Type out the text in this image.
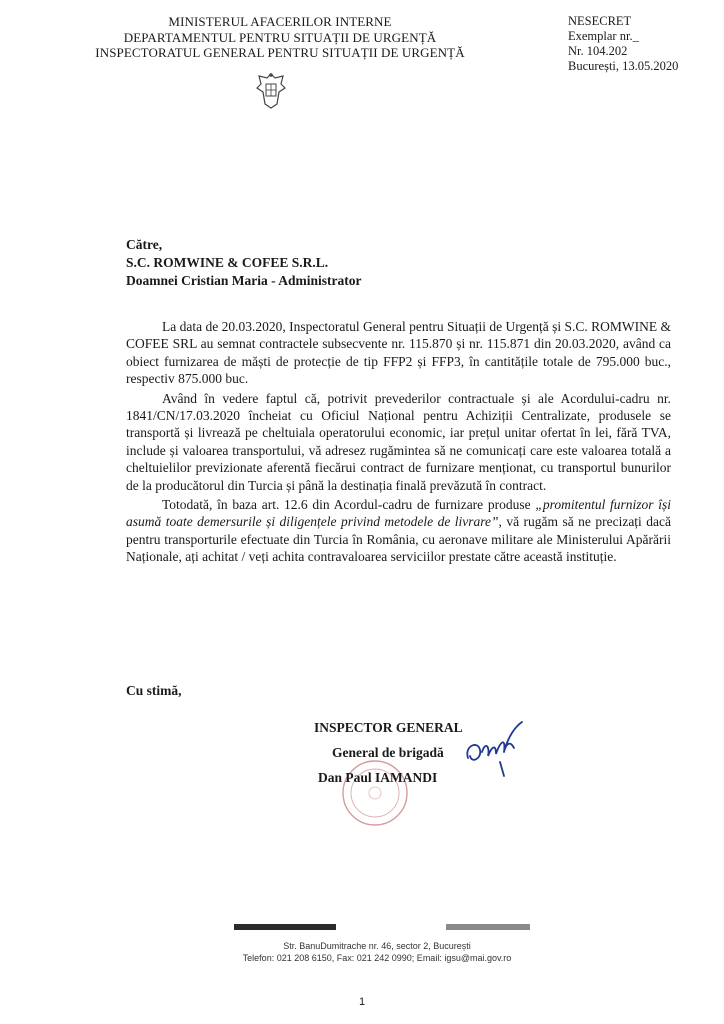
MINISTERUL AFACERILOR INTERNE
DEPARTAMENTUL PENTRU SITUAȚII DE URGENȚĂ
INSPECTORATUL GENERAL PENTRU SITUAȚII DE URGENȚĂ
NESECRET
Exemplar nr._
Nr. 104.202
București, 13.05.2020
Către,
S.C. ROMWINE & COFEE S.R.L.
Doamnei Cristian Maria - Administrator

La data de 20.03.2020, Inspectoratul General pentru Situații de Urgență și S.C. ROMWINE & COFEE SRL au semnat contractele subsecvente nr. 115.870 și nr. 115.871 din 20.03.2020, având ca obiect furnizarea de măști de protecție de tip FFP2 și FFP3, în cantitățile totale de 795.000 buc., respectiv 875.000 buc.

Având în vedere faptul că, potrivit prevederilor contractuale și ale Acordului-cadru nr. 1841/CN/17.03.2020 încheiat cu Oficiul Național pentru Achiziții Centralizate, produsele se transportă și livrează pe cheltuiala operatorului economic, iar prețul unitar ofertat în lei, fără TVA, include și valoarea transportului, vă adresez rugămintea să ne comunicați care este valoarea totală a cheltuielilor previzionate aferentă fiecărui contract de furnizare menționat, cu transportul bunurilor de la producătorul din Turcia și până la destinația finală prevăzută în contract.

Totodată, în baza art. 12.6 din Acordul-cadru de furnizare produse „promitentul furnizor își asumă toate demersurile și diligențele privind metodele de livrare”, vă rugăm să ne precizați dacă pentru transporturile efectuate din Turcia în România, cu aeronave militare ale Ministerului Apărării Naționale, ați achitat / veți achita contravaloarea serviciilor prestate către această instituție.

Cu stimă,
INSPECTOR GENERAL
General de brigadă
Dan Paul IAMANDI
Str. BanuDumitrache nr. 46, sector 2, București
Telefon: 021 208 6150, Fax: 021 242 0990; Email: igsu@mai.gov.ro
1
